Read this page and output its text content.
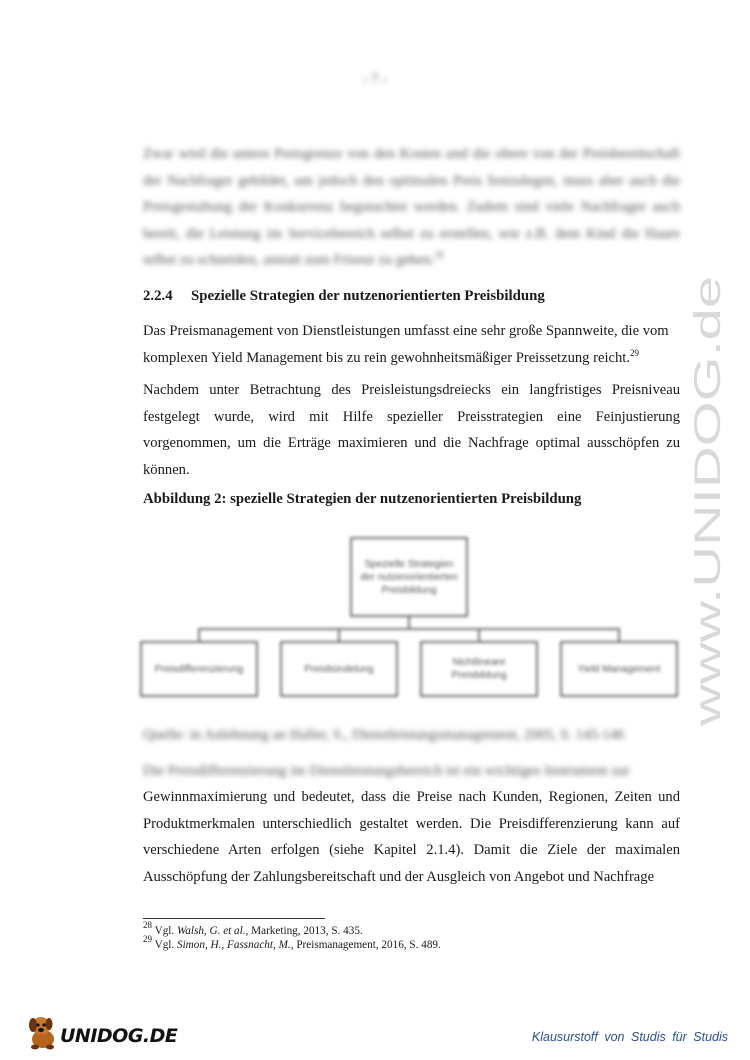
- 7 -

Zwar wird die untere Preisgrenze von den Kosten und die obere von der Preisbereitschaft der Nachfrager gebildet, um jedoch den optimalen Preis festzulegen, muss aber auch die Preisgestaltung der Konkurrenz begutachtet werden. Zudem sind viele Nachfrager auch bereit, die Leistung im Servicebereich selbst zu erstellen, wie z.B. dem Kind die Haare selbst zu schneiden, anstatt zum Friseur zu gehen.$^{28}$

2.2.4 Spezielle Strategien der nutzenorientierten Preisbildung

Das Preismanagement von Dienstleistungen umfasst eine sehr große Spannweite, die vom komplexen Yield Management bis zu rein gewohnheitsmäßiger Preissetzung reicht.$^{29}$

Nachdem unter Betrachtung des Preisleistungsdreiecks ein langfristiges Preisniveau festgelegt wurde, wird mit Hilfe spezieller Preisstrategien eine Feinjustierung vorgenommen, um die Erträge maximieren und die Nachfrage optimal ausschöpfen zu können.

Abbildung 2: spezielle Strategien der nutzenorientierten Preisbildung
Spezielle Strategien der nutzenorientierten Preisbildung
Preisdifferenzierung	Preisbündelung
Nichtlineare Preisbildung
Yield Management
Quelle: in Anlehnung an Haller, S., Dienstleistungsmanagement, 2005, S. 145-146
Die Preisdifferenzierung im Dienstleistungsbereich ist ein wichtiges Instrument zur

Gewinnmaximierung und bedeutet, dass die Preise nach Kunden, Regionen, Zeiten und Produktmerkmalen unterschiedlich gestaltet werden. Die Preisdifferenzierung kann auf verschiedene Arten erfolgen (siehe Kapitel 2.1.4). Damit die Ziele der maximalen Ausschöpfung der Zahlungsbereitschaft und der Ausgleich von Angebot und Nachfrage

$^{28}$ Vgl. Walsh, G. et al., Marketing, 2013, S. 435.
$^{29}$ Vgl. Simon, H., Fassnacht, M., Preismanagement, 2016, S. 489.
www.UNIDOG.de
UNIDOG.DE	Klausurstoff von Studis für Studis
